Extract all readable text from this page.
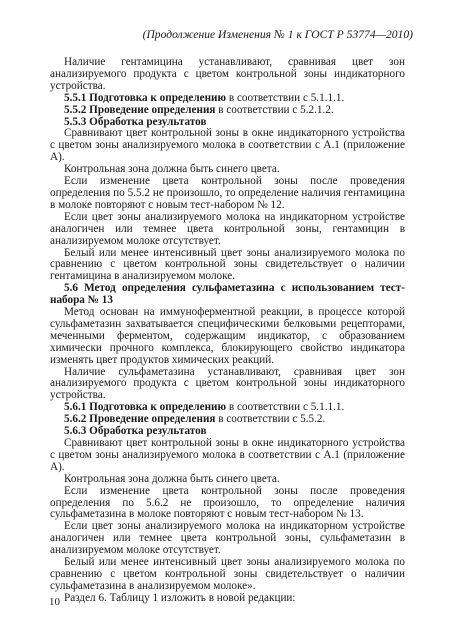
(Продолжение Изменения № 1 к ГОСТ Р 53774—2010)

Наличие гентамицина устанавливают, сравнивая цвет зон анализируемого продукта с цветом контрольной зоны индикаторного устройства.

5.5.1 Подготовка к определению в соответствии с 5.1.1.1.

5.5.2 Проведение определения в соответствии с 5.2.1.2.

5.5.3 Обработка результатов

Сравнивают цвет контрольной зоны в окне индикаторного устройства с цветом зоны анализируемого молока в соответствии с А.1 (приложение А).

Контрольная зона должна быть синего цвета.

Если изменение цвета контрольной зоны после проведения определения по 5.5.2 не произошло, то определение наличия гентамицина в молоке повторяют с новым тест-набором № 12.

Если цвет зоны анализируемого молока на индикаторном устройстве аналогичен или темнее цвета контрольной зоны, гентамицин в анализируемом молоке отсутствует.

Белый или менее интенсивный цвет зоны анализируемого молока по сравнению с цветом контрольной зоны свидетельствует о наличии гентамицина в анализируемом молоке.

5.6 Метод определения сульфаметазина с использованием тест-набора № 13

Метод основан на иммуноферментной реакции, в процессе которой сульфаметазин захватывается специфическими белковыми рецепторами, меченными ферментом, содержащим индикатор, с образованием химически прочного комплекса, блокирующего свойство индикатора изменять цвет продуктов химических реакций.

Наличие сульфаметазина устанавливают, сравнивая цвет зон анализируемого продукта с цветом контрольной зоны индикаторного устройства.

5.6.1 Подготовка к определению в соответствии с 5.1.1.1.

5.6.2 Проведение определения в соответствии с 5.5.2.

5.6.3 Обработка результатов

Сравнивают цвет контрольной зоны в окне индикаторного устройства с цветом зоны анализируемого молока в соответствии с А.1 (приложение А).

Контрольная зона должна быть синего цвета.

Если изменение цвета контрольной зоны после проведения определения по 5.6.2 не произошло, то определение наличия сульфаметазина в молоке повторяют с новым тест-набором № 13.

Если цвет зоны анализируемого молока на индикаторном устройстве аналогичен или темнее цвета контрольной зоны, сульфаметазин в анализируемом молоке отсутствует.

Белый или менее интенсивный цвет зоны анализируемого молока по сравнению с цветом контрольной зоны свидетельствует о наличии сульфаметазина в анализируемом молоке».

Раздел 6. Таблицу 1 изложить в новой редакции:

10
